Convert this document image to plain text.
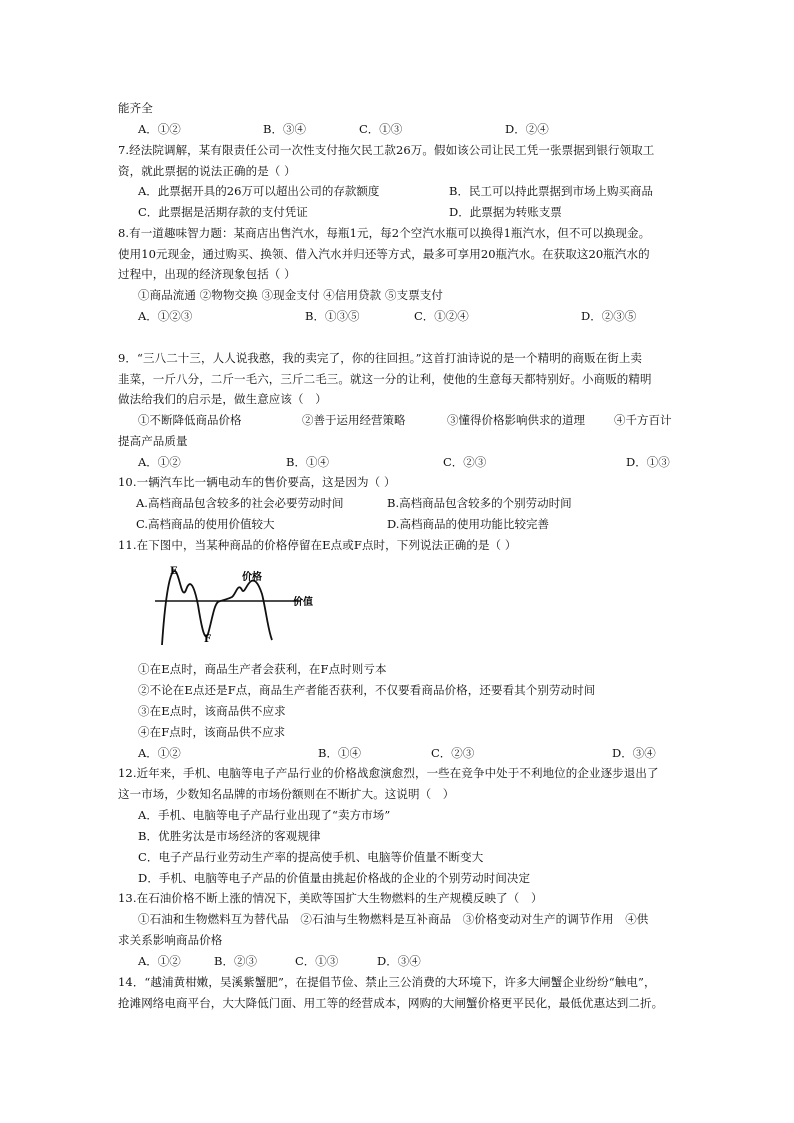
能齐全
A．①②	B．③④	C．①③	D．②④
7.经法院调解，某有限责任公司一次性支付拖欠民工款26万。假如该公司让民工凭一张票据到银行领取工
资，就此票据的说法正确的是（ ）
A．此票据开具的26万可以超出公司的存款额度	B．民工可以持此票据到市场上购买商品
C．此票据是活期存款的支付凭证	D．此票据为转账支票
8.有一道趣味智力题：某商店出售汽水，每瓶1元，每2个空汽水瓶可以换得1瓶汽水，但不可以换现金。
使用10元现金，通过购买、换领、借入汽水并归还等方式，最多可享用20瓶汽水。在获取这20瓶汽水的
过程中，出现的经济现象包括（ ）
①商品流通 ②物物交换 ③现金支付 ④信用贷款 ⑤支票支付
A．①②③	B．①③⑤	C．①②④	D．②③⑤
9．“三八二十三，人人说我憨，我的卖完了，你的往回担。”这首打油诗说的是一个精明的商贩在街上卖
韭菜，一斤八分，二斤一毛六，三斤二毛三。就这一分的让利，使他的生意每天都特别好。小商贩的精明
做法给我们的启示是，做生意应该（　）
①不断降低商品价格	②善于运用经营策略	③懂得价格影响供求的道理	④千方百计
提高产品质量
A．①②	B．①④	C．②③	D．①③
10.一辆汽车比一辆电动车的售价要高，这是因为（ ）
A.高档商品包含较多的社会必要劳动时间	B.高档商品包含较多的个别劳动时间
C.高档商品的使用价值较大	D.高档商品的使用功能比较完善
11.在下图中，当某种商品的价格停留在E点或F点时，下列说法正确的是（ ）
E
F
价格
价值
①在E点时，商品生产者会获利，在F点时则亏本
②不论在E点还是F点，商品生产者能否获利，不仅要看商品价格，还要看其个别劳动时间
③在E点时，该商品供不应求
④在F点时，该商品供不应求
A．①②	B．①④	C．②③	D．③④
12.近年来，手机、电脑等电子产品行业的价格战愈演愈烈，一些在竞争中处于不利地位的企业逐步退出了
这一市场，少数知名品牌的市场份额则在不断扩大。这说明（　）
A．手机、电脑等电子产品行业出现了“卖方市场”
B．优胜劣汰是市场经济的客观规律
C．电子产品行业劳动生产率的提高使手机、电脑等价值量不断变大
D．手机、电脑等电子产品的价值量由挑起价格战的企业的个别劳动时间决定
13.在石油价格不断上涨的情况下，美欧等国扩大生物燃料的生产规模反映了（　）
①石油和生物燃料互为替代品　②石油与生物燃料是互补商品　③价格变动对生产的调节作用　④供
求关系影响商品价格
A．①②	B．②③	C．①③	D．③④
14．“越浦黄柑嫩，吴溪紫蟹肥”，在提倡节俭、禁止三公消费的大环境下，许多大闸蟹企业纷纷“触电”，
抢滩网络电商平台，大大降低门面、用工等的经营成本，网购的大闸蟹价格更平民化，最低优惠达到二折。
